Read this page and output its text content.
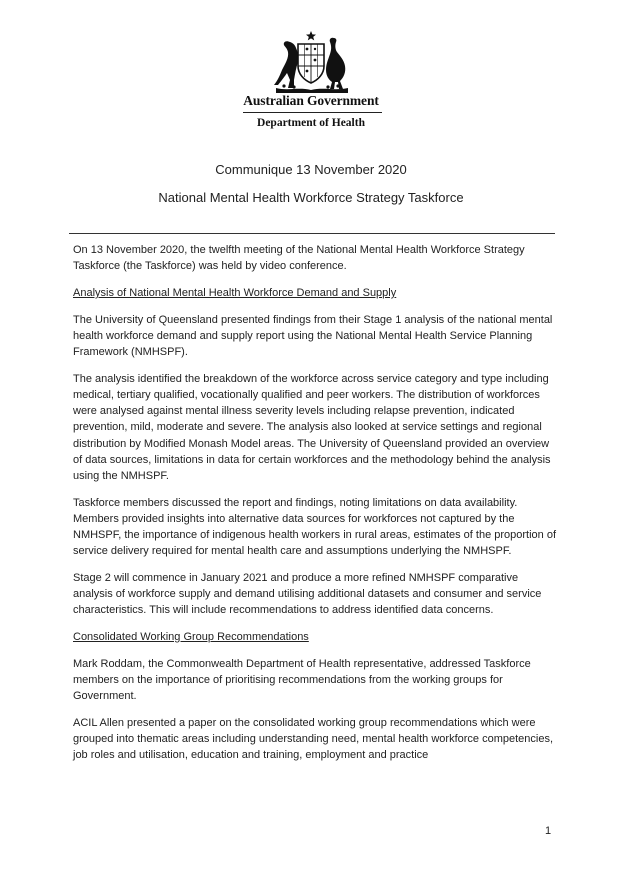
Australian Government
Department of Health
Communique 13 November 2020
National Mental Health Workforce Strategy Taskforce

On 13 November 2020, the twelfth meeting of the National Mental Health Workforce Strategy Taskforce (the Taskforce) was held by video conference.

Analysis of National Mental Health Workforce Demand and Supply

The University of Queensland presented findings from their Stage 1 analysis of the national mental health workforce demand and supply report using the National Mental Health Service Planning Framework (NMHSPF).

The analysis identified the breakdown of the workforce across service category and type including medical, tertiary qualified, vocationally qualified and peer workers. The distribution of workforces were analysed against mental illness severity levels including relapse prevention, indicated prevention, mild, moderate and severe. The analysis also looked at service settings and regional distribution by Modified Monash Model areas. The University of Queensland provided an overview of data sources, limitations in data for certain workforces and the methodology behind the analysis using the NMHSPF.

Taskforce members discussed the report and findings, noting limitations on data availability. Members provided insights into alternative data sources for workforces not captured by the NMHSPF, the importance of indigenous health workers in rural areas, estimates of the proportion of service delivery required for mental health care and assumptions underlying the NMHSPF.

Stage 2 will commence in January 2021 and produce a more refined NMHSPF comparative analysis of workforce supply and demand utilising additional datasets and consumer and service characteristics. This will include recommendations to address identified data concerns.

Consolidated Working Group Recommendations

Mark Roddam, the Commonwealth Department of Health representative, addressed Taskforce members on the importance of prioritising recommendations from the working groups for Government.

ACIL Allen presented a paper on the consolidated working group recommendations which were grouped into thematic areas including understanding need, mental health workforce competencies, job roles and utilisation, education and training, employment and practice

1
